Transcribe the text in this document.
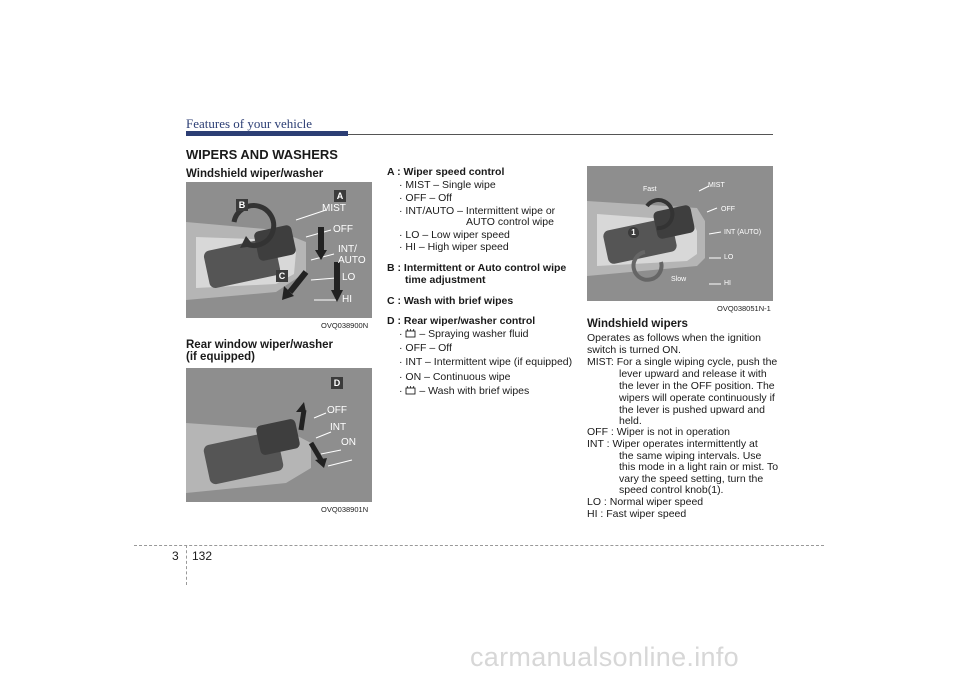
Features of your vehicle
WIPERS AND WASHERS
Windshield wiper/washer
B
A
C
MIST
OFF
INT/
AUTO
LO
HI
OVQ038900N
Rear window wiper/washer
(if equipped)
D
OFF
INT
ON
OVQ038901N
A : Wiper speed control
· MIST – Single wipe
· OFF – Off
· INT/AUTO – Intermittent wipe or
AUTO control wipe
· LO – Low wiper speed
· HI – High wiper speed
B : Intermittent or Auto control wipe
time adjustment
C : Wash with brief wipes
D : Rear wiper/washer control
· – Spraying washer fluid
· OFF – Off
· INT – Intermittent wipe (if equipped)
· ON – Continuous wipe
· – Wash with brief wipes
Fast
MIST
OFF
INT (AUTO)
LO
HI
Slow
1
OVQ038051N-1
Windshield wipers
Operates as follows when the ignition
switch is turned ON.
MIST: For a single wiping cycle, push the
lever upward and release it with
the lever in the OFF position. The
wipers will operate continuously if
the lever is pushed upward and
held.
OFF : Wiper is not in operation
INT : Wiper operates intermittently at
the same wiping intervals. Use
this mode in a light rain or mist. To
vary the speed setting, turn the
speed control knob(1).
LO : Normal wiper speed
HI : Fast wiper speed
3 132
carmanualsonline.info
